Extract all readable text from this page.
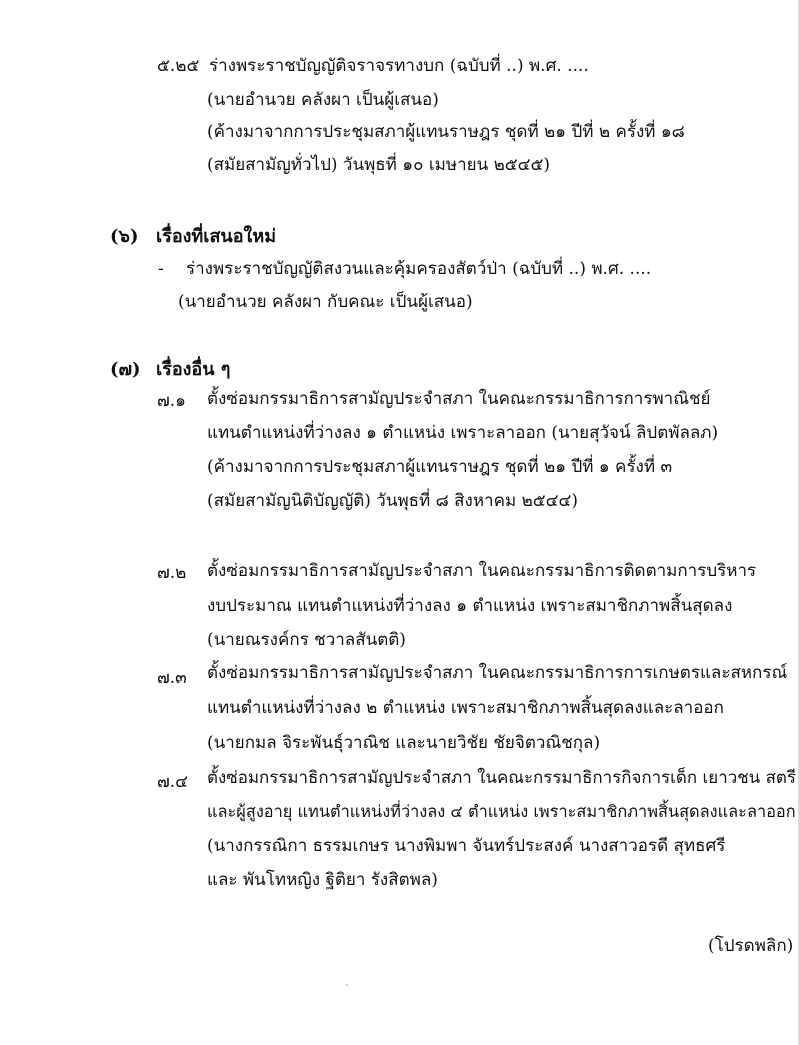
๕.๒๕ ร่างพระราชบัญญัติจราจรทางบก (ฉบับที่ ..) พ.ศ. ....
(นายอำนวย คลังผา เป็นผู้เสนอ)
(ค้างมาจากการประชุมสภาผู้แทนราษฎร ชุดที่ ๒๑ ปีที่ ๒ ครั้งที่ ๑๘
(สมัยสามัญทั่วไป) วันพุธที่ ๑๐ เมษายน ๒๕๔๕)
(๖) เรื่องที่เสนอใหม่
- ร่างพระราชบัญญัติสงวนและคุ้มครองสัตว์ป่า (ฉบับที่ ..) พ.ศ. ....
(นายอำนวย คลังผา กับคณะ เป็นผู้เสนอ)
(๗) เรื่องอื่น ๆ
๗.๑ ตั้งซ่อมกรรมาธิการสามัญประจำสภา ในคณะกรรมาธิการการพาณิชย์
แทนตำแหน่งที่ว่างลง ๑ ตำแหน่ง เพราะลาออก (นายสุวัจน์ ลิปตพัลลภ)
(ค้างมาจากการประชุมสภาผู้แทนราษฎร ชุดที่ ๒๑ ปีที่ ๑ ครั้งที่ ๓
(สมัยสามัญนิติบัญญัติ) วันพุธที่ ๘ สิงหาคม ๒๕๔๔)
๗.๒ ตั้งซ่อมกรรมาธิการสามัญประจำสภา ในคณะกรรมาธิการติดตามการบริหาร
งบประมาณ แทนตำแหน่งที่ว่างลง ๑ ตำแหน่ง เพราะสมาชิกภาพสิ้นสุดลง
(นายณรงค์กร ชวาลสันตติ)
๗.๓ ตั้งซ่อมกรรมาธิการสามัญประจำสภา ในคณะกรรมาธิการการเกษตรและสหกรณ์
แทนตำแหน่งที่ว่างลง ๒ ตำแหน่ง เพราะสมาชิกภาพสิ้นสุดลงและลาออก
(นายกมล จิระพันธุ์วาณิช และนายวิชัย ชัยจิตวณิชกุล)
๗.๔ ตั้งซ่อมกรรมาธิการสามัญประจำสภา ในคณะกรรมาธิการกิจการเด็ก เยาวชน สตรี
และผู้สูงอายุ แทนตำแหน่งที่ว่างลง ๔ ตำแหน่ง เพราะสมาชิกภาพสิ้นสุดลงและลาออก
(นางกรรณิกา ธรรมเกษร นางพิมพา จันทร์ประสงค์ นางสาวอรดี สุทธศรี
และ พันโทหญิง ฐิติยา รังสิตพล)
(โปรดพลิก)
